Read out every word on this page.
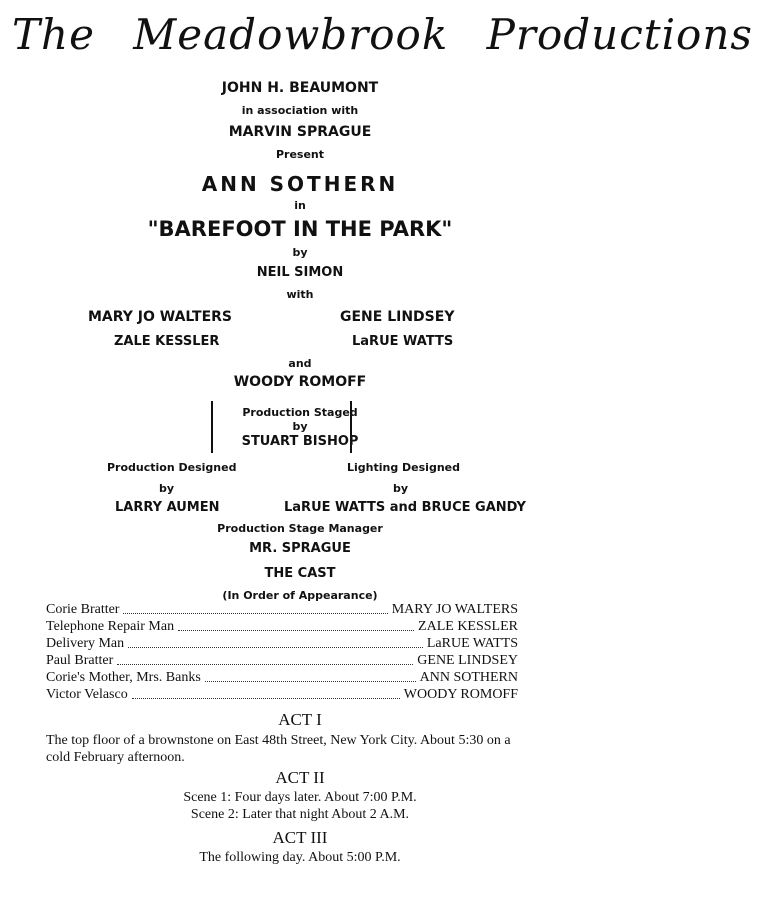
The Meadowbrook Productions
JOHN H. BEAUMONT
in association with
MARVIN SPRAGUE
Present
ANN SOTHERN
in
"BAREFOOT IN THE PARK"
by
NEIL SIMON
with
MARY JO WALTERS	GENE LINDSEY
ZALE KESSLER	LaRUE WATTS
and
WOODY ROMOFF
Production Staged
by
STUART BISHOP
Production Designed	Lighting Designed
by	by
LARRY AUMEN	LaRUE WATTS and BRUCE GANDY
Production Stage Manager
MR. SPRAGUE
THE CAST
(In Order of Appearance)
Corie Bratter	MARY JO WALTERS
Telephone Repair Man	ZALE KESSLER
Delivery Man	LaRUE WATTS
Paul Bratter	GENE LINDSEY
Corie's Mother, Mrs. Banks	ANN SOTHERN
Victor Velasco	WOODY ROMOFF
ACT I
The top floor of a brownstone on East 48th Street, New York City. About 5:30 on a cold February afternoon.
ACT II
Scene 1: Four days later. About 7:00 P.M.
Scene 2: Later that night About 2 A.M.
ACT III
The following day. About 5:00 P.M.
